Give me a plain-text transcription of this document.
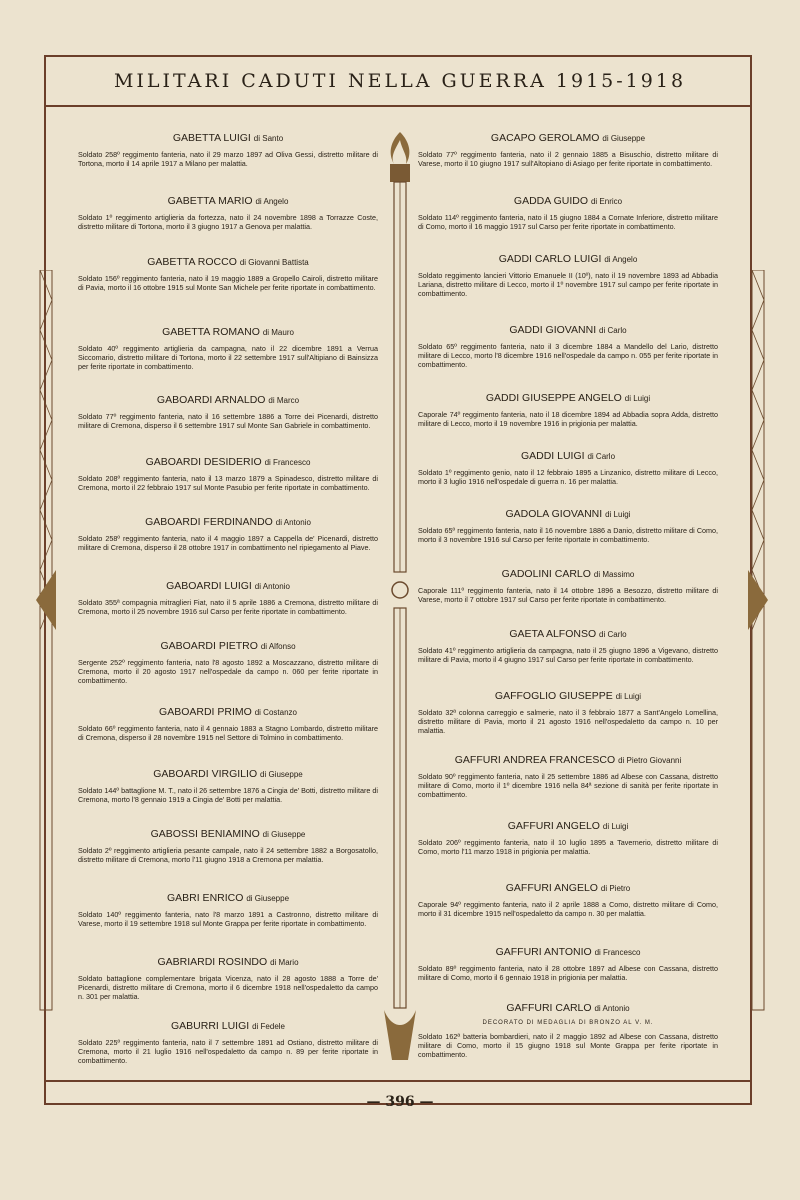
MILITARI CADUTI NELLA GUERRA 1915-1918
GABETTA LUIGI di Santo
Soldato 258º reggimento fanteria, nato il 29 marzo 1897 ad Oliva Gessi, distretto militare di Tortona, morto il 14 aprile 1917 a Milano per malattia.
GABETTA MARIO di Angelo
Soldato 1º reggimento artiglieria da fortezza, nato il 24 novembre 1898 a Torrazze Coste, distretto militare di Tortona, morto il 3 giugno 1917 a Genova per malattia.
GABETTA ROCCO di Giovanni Battista
Soldato 156º reggimento fanteria, nato il 19 maggio 1889 a Gropello Cairoli, distretto militare di Pavia, morto il 16 ottobre 1915 sul Monte San Michele per ferite riportate in combattimento.
GABETTA ROMANO di Mauro
Soldato 40º reggimento artiglieria da campagna, nato il 22 dicembre 1891 a Verrua Siccomario, distretto militare di Tortona, morto il 22 settembre 1917 sull'Altipiano di Bainsizza per ferite riportate in combattimento.
GABOARDI ARNALDO di Marco
Soldato 77º reggimento fanteria, nato il 16 settembre 1886 a Torre dei Picenardi, distretto militare di Cremona, disperso il 6 settembre 1917 sul Monte San Gabriele in combattimento.
GABOARDI DESIDERIO di Francesco
Soldato 208º reggimento fanteria, nato il 13 marzo 1879 a Spinadesco, distretto militare di Cremona, morto il 22 febbraio 1917 sul Monte Pasubio per ferite riportate in combattimento.
GABOARDI FERDINANDO di Antonio
Soldato 258º reggimento fanteria, nato il 4 maggio 1897 a Cappella de' Picenardi, distretto militare di Cremona, disperso il 28 ottobre 1917 in combattimento nel ripiegamento al Piave.
GABOARDI LUIGI di Antonio
Soldato 355ª compagnia mitraglieri Fiat, nato il 5 aprile 1886 a Cremona, distretto militare di Cremona, morto il 25 novembre 1916 sul Carso per ferite riportate in combattimento.
GABOARDI PIETRO di Alfonso
Sergente 252º reggimento fanteria, nato l'8 agosto 1892 a Moscazzano, distretto militare di Cremona, morto il 20 agosto 1917 nell'ospedale da campo n. 060 per ferite riportate in combattimento.
GABOARDI PRIMO di Costanzo
Soldato 66º reggimento fanteria, nato il 4 gennaio 1883 a Stagno Lombardo, distretto militare di Cremona, disperso il 28 novembre 1915 nel Settore di Tolmino in combattimento.
GABOARDI VIRGILIO di Giuseppe
Soldato 144º battaglione M. T., nato il 26 settembre 1876 a Cingia de' Botti, distretto militare di Cremona, morto l'8 gennaio 1919 a Cingia de' Botti per malattia.
GABOSSI BENIAMINO di Giuseppe
Soldato 2º reggimento artiglieria pesante campale, nato il 24 settembre 1882 a Borgosatollo, distretto militare di Cremona, morto l'11 giugno 1918 a Cremona per malattia.
GABRI ENRICO di Giuseppe
Soldato 140º reggimento fanteria, nato l'8 marzo 1891 a Castronno, distretto militare di Varese, morto il 19 settembre 1918 sul Monte Grappa per ferite riportate in combattimento.
GABRIARDI ROSINDO di Mario
Soldato battaglione complementare brigata Vicenza, nato il 28 agosto 1888 a Torre de' Picenardi, distretto militare di Cremona, morto il 6 dicembre 1918 nell'ospedaletto da campo n. 301 per malattia.
GABURRI LUIGI di Fedele
Soldato 225º reggimento fanteria, nato il 7 settembre 1891 ad Ostiano, distretto militare di Cremona, morto il 21 luglio 1916 nell'ospedaletto da campo n. 89 per ferite riportate in combattimento.
GACAPO GEROLAMO di Giuseppe
Soldato 77º reggimento fanteria, nato il 2 gennaio 1885 a Bisuschio, distretto militare di Varese, morto il 10 giugno 1917 sull'Altopiano di Asiago per ferite riportate in combattimento.
GADDA GUIDO di Enrico
Soldato 114º reggimento fanteria, nato il 15 giugno 1884 a Cornate Inferiore, distretto militare di Como, morto il 16 maggio 1917 sul Carso per ferite riportate in combattimento.
GADDI CARLO LUIGI di Angelo
Soldato reggimento lancieri Vittorio Emanuele II (10º), nato il 19 novembre 1893 ad Abbadia Lariana, distretto militare di Lecco, morto il 1º novembre 1917 sul campo per ferite riportate in combattimento.
GADDI GIOVANNI di Carlo
Soldato 65º reggimento fanteria, nato il 3 dicembre 1884 a Mandello del Lario, distretto militare di Lecco, morto l'8 dicembre 1916 nell'ospedale da campo n. 055 per ferite riportate in combattimento.
GADDI GIUSEPPE ANGELO di Luigi
Caporale 74º reggimento fanteria, nato il 18 dicembre 1894 ad Abbadia sopra Adda, distretto militare di Lecco, morto il 19 novembre 1916 in prigionia per malattia.
GADDI LUIGI di Carlo
Soldato 1º reggimento genio, nato il 12 febbraio 1895 a Linzanico, distretto militare di Lecco, morto il 3 luglio 1916 nell'ospedale di guerra n. 16 per malattia.
GADOLA GIOVANNI di Luigi
Soldato 65º reggimento fanteria, nato il 16 novembre 1886 a Danio, distretto militare di Como, morto il 3 novembre 1916 sul Carso per ferite riportate in combattimento.
GADOLINI CARLO di Massimo
Caporale 111º reggimento fanteria, nato il 14 ottobre 1896 a Besozzo, distretto militare di Varese, morto il 7 ottobre 1917 sul Carso per ferite riportate in combattimento.
GAETA ALFONSO di Carlo
Soldato 41º reggimento artiglieria da campagna, nato il 25 giugno 1896 a Vigevano, distretto militare di Pavia, morto il 4 giugno 1917 sul Carso per ferite riportate in combattimento.
GAFFOGLIO GIUSEPPE di Luigi
Soldato 32ª colonna carreggio e salmerie, nato il 3 febbraio 1877 a Sant'Angelo Lomellina, distretto militare di Pavia, morto il 21 agosto 1916 nell'ospedaletto da campo n. 10 per malattia.
GAFFURI ANDREA FRANCESCO di Pietro Giovanni
Soldato 90º reggimento fanteria, nato il 25 settembre 1886 ad Albese con Cassana, distretto militare di Como, morto il 1º dicembre 1916 nella 84ª sezione di sanità per ferite riportate in combattimento.
GAFFURI ANGELO di Luigi
Soldato 206º reggimento fanteria, nato il 10 luglio 1895 a Tavernerio, distretto militare di Como, morto l'11 marzo 1918 in prigionia per malattia.
GAFFURI ANGELO di Pietro
Caporale 94º reggimento fanteria, nato il 2 aprile 1888 a Como, distretto militare di Como, morto il 31 dicembre 1915 nell'ospedaletto da campo n. 30 per malattia.
GAFFURI ANTONIO di Francesco
Soldato 89º reggimento fanteria, nato il 28 ottobre 1897 ad Albese con Cassana, distretto militare di Como, morto il 6 gennaio 1918 in prigionia per malattia.
GAFFURI CARLO di Antonio
DECORATO DI MEDAGLIA DI BRONZO AL V. M.
Soldato 162ª batteria bombardieri, nato il 2 maggio 1892 ad Albese con Cassana, distretto militare di Como, morto il 15 giugno 1918 sul Monte Grappa per ferite riportate in combattimento.
— 396 —
